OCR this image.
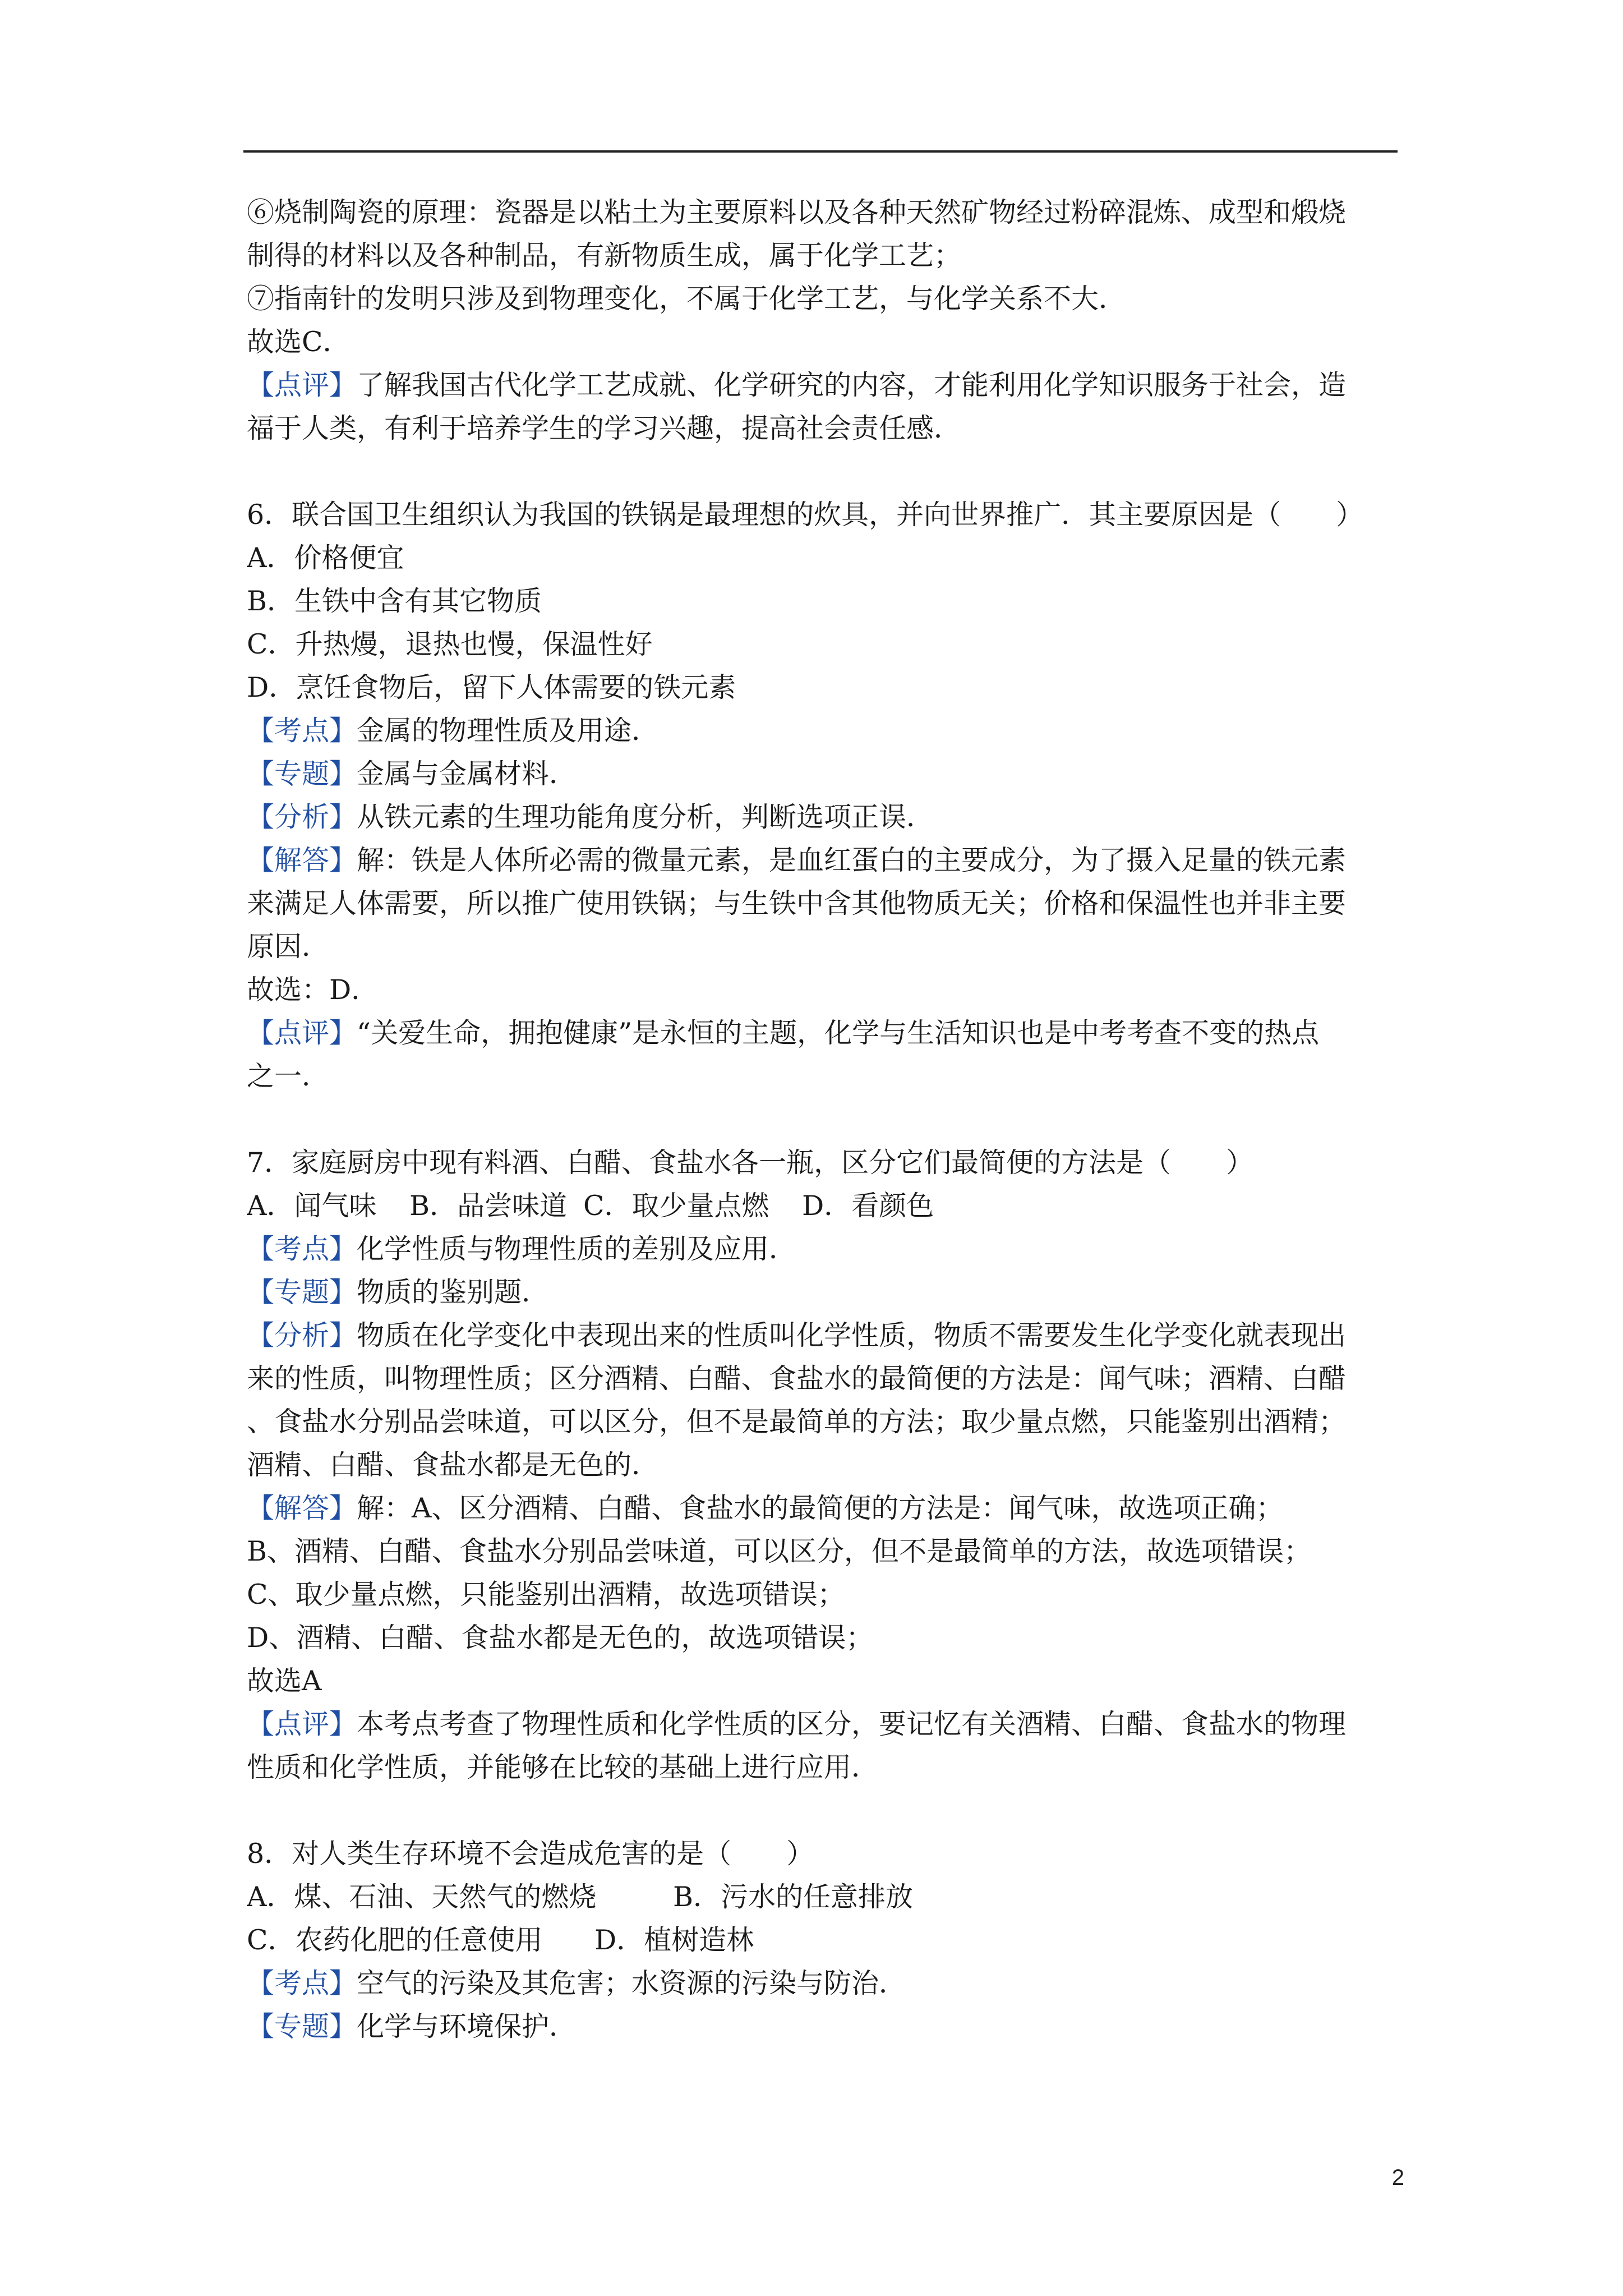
⑥烧制陶瓷的原理：瓷器是以粘土为主要原料以及各种天然矿物经过粉碎混炼、成型和煅烧
制得的材料以及各种制品，有新物质生成，属于化学工艺；
⑦指南针的发明只涉及到物理变化，不属于化学工艺，与化学关系不大．
故选C．
【点评】了解我国古代化学工艺成就、化学研究的内容，才能利用化学知识服务于社会，造
福于人类，有利于培养学生的学习兴趣，提高社会责任感．
6．联合国卫生组织认为我国的铁锅是最理想的炊具，并向世界推广．其主要原因是（　　）
A．价格便宜
B．生铁中含有其它物质
C．升热熳，退热也慢，保温性好
D．烹饪食物后，留下人体需要的铁元素
【考点】金属的物理性质及用途．
【专题】金属与金属材料．
【分析】从铁元素的生理功能角度分析，判断选项正误．
【解答】解：铁是人体所必需的微量元素，是血红蛋白的主要成分，为了摄入足量的铁元素
来满足人体需要，所以推广使用铁锅；与生铁中含其他物质无关；价格和保温性也并非主要
原因．
故选：D．
【点评】“关爱生命，拥抱健康”是永恒的主题，化学与生活知识也是中考考查不变的热点
之一．
7．家庭厨房中现有料酒、白醋、食盐水各一瓶，区分它们最简便的方法是（　　）
A．闻气味 B．品尝味道 C．取少量点燃 D．看颜色
【考点】化学性质与物理性质的差别及应用．
【专题】物质的鉴别题．
【分析】物质在化学变化中表现出来的性质叫化学性质，物质不需要发生化学变化就表现出
来的性质，叫物理性质；区分酒精、白醋、食盐水的最简便的方法是：闻气味；酒精、白醋
、食盐水分别品尝味道，可以区分，但不是最简单的方法；取少量点燃，只能鉴别出酒精；
酒精、白醋、食盐水都是无色的．
【解答】解：A、区分酒精、白醋、食盐水的最简便的方法是：闻气味，故选项正确；
B、酒精、白醋、食盐水分别品尝味道，可以区分，但不是最简单的方法，故选项错误；
C、取少量点燃，只能鉴别出酒精，故选项错误；
D、酒精、白醋、食盐水都是无色的，故选项错误；
故选A
【点评】本考点考查了物理性质和化学性质的区分，要记忆有关酒精、白醋、食盐水的物理
性质和化学性质，并能够在比较的基础上进行应用．
8．对人类生存环境不会造成危害的是（　　）
A．煤、石油、天然气的燃烧	B．污水的任意排放
C．农药化肥的任意使用 D．植树造林
【考点】空气的污染及其危害；水资源的污染与防治．
【专题】化学与环境保护．
2
